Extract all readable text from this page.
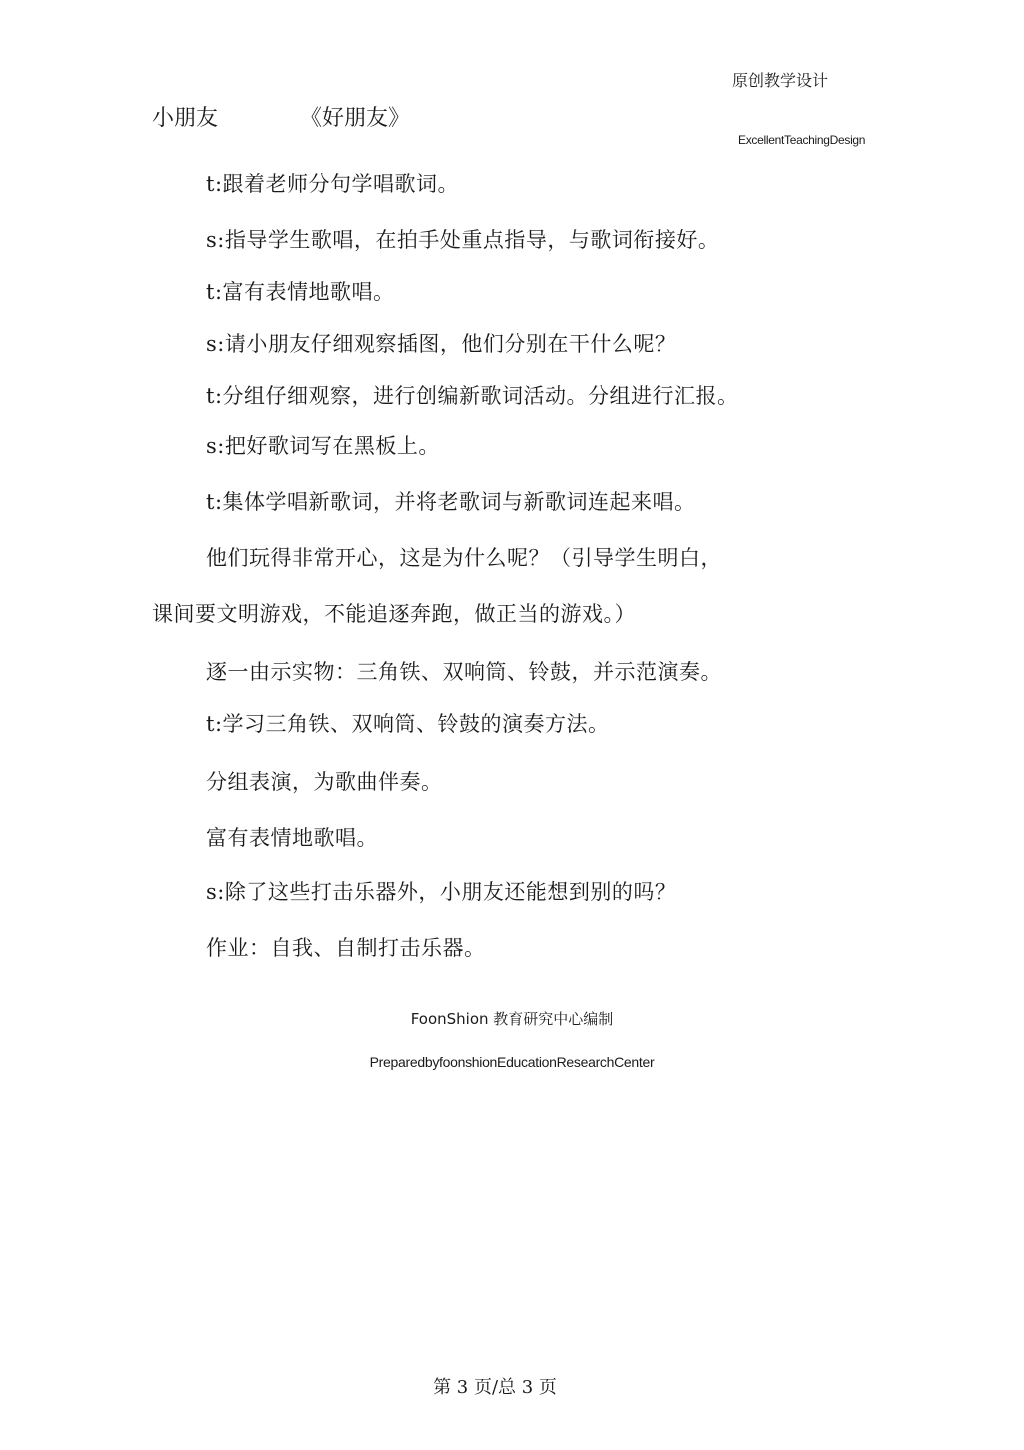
原创教学设计
ExcellentTeachingDesign
小朋友	《好朋友》
t:跟着老师分句学唱歌词。
s:指导学生歌唱，在拍手处重点指导，与歌词衔接好。
t:富有表情地歌唱。
s:请小朋友仔细观察插图，他们分别在干什么呢？
t:分组仔细观察，进行创编新歌词活动。分组进行汇报。
s:把好歌词写在黑板上。
t:集体学唱新歌词，并将老歌词与新歌词连起来唱。
他们玩得非常开心，这是为什么呢？（引导学生明白，
课间要文明游戏，不能追逐奔跑，做正当的游戏。）
逐一由示实物：三角铁、双响筒、铃鼓，并示范演奏。
t:学习三角铁、双响筒、铃鼓的演奏方法。
分组表演，为歌曲伴奏。
富有表情地歌唱。
s:除了这些打击乐器外，小朋友还能想到别的吗？
作业：自我、自制打击乐器。
FoonShion 教育研究中心编制
PreparedbyfoonshionEducationResearchCenter
第 3 页/总 3 页
